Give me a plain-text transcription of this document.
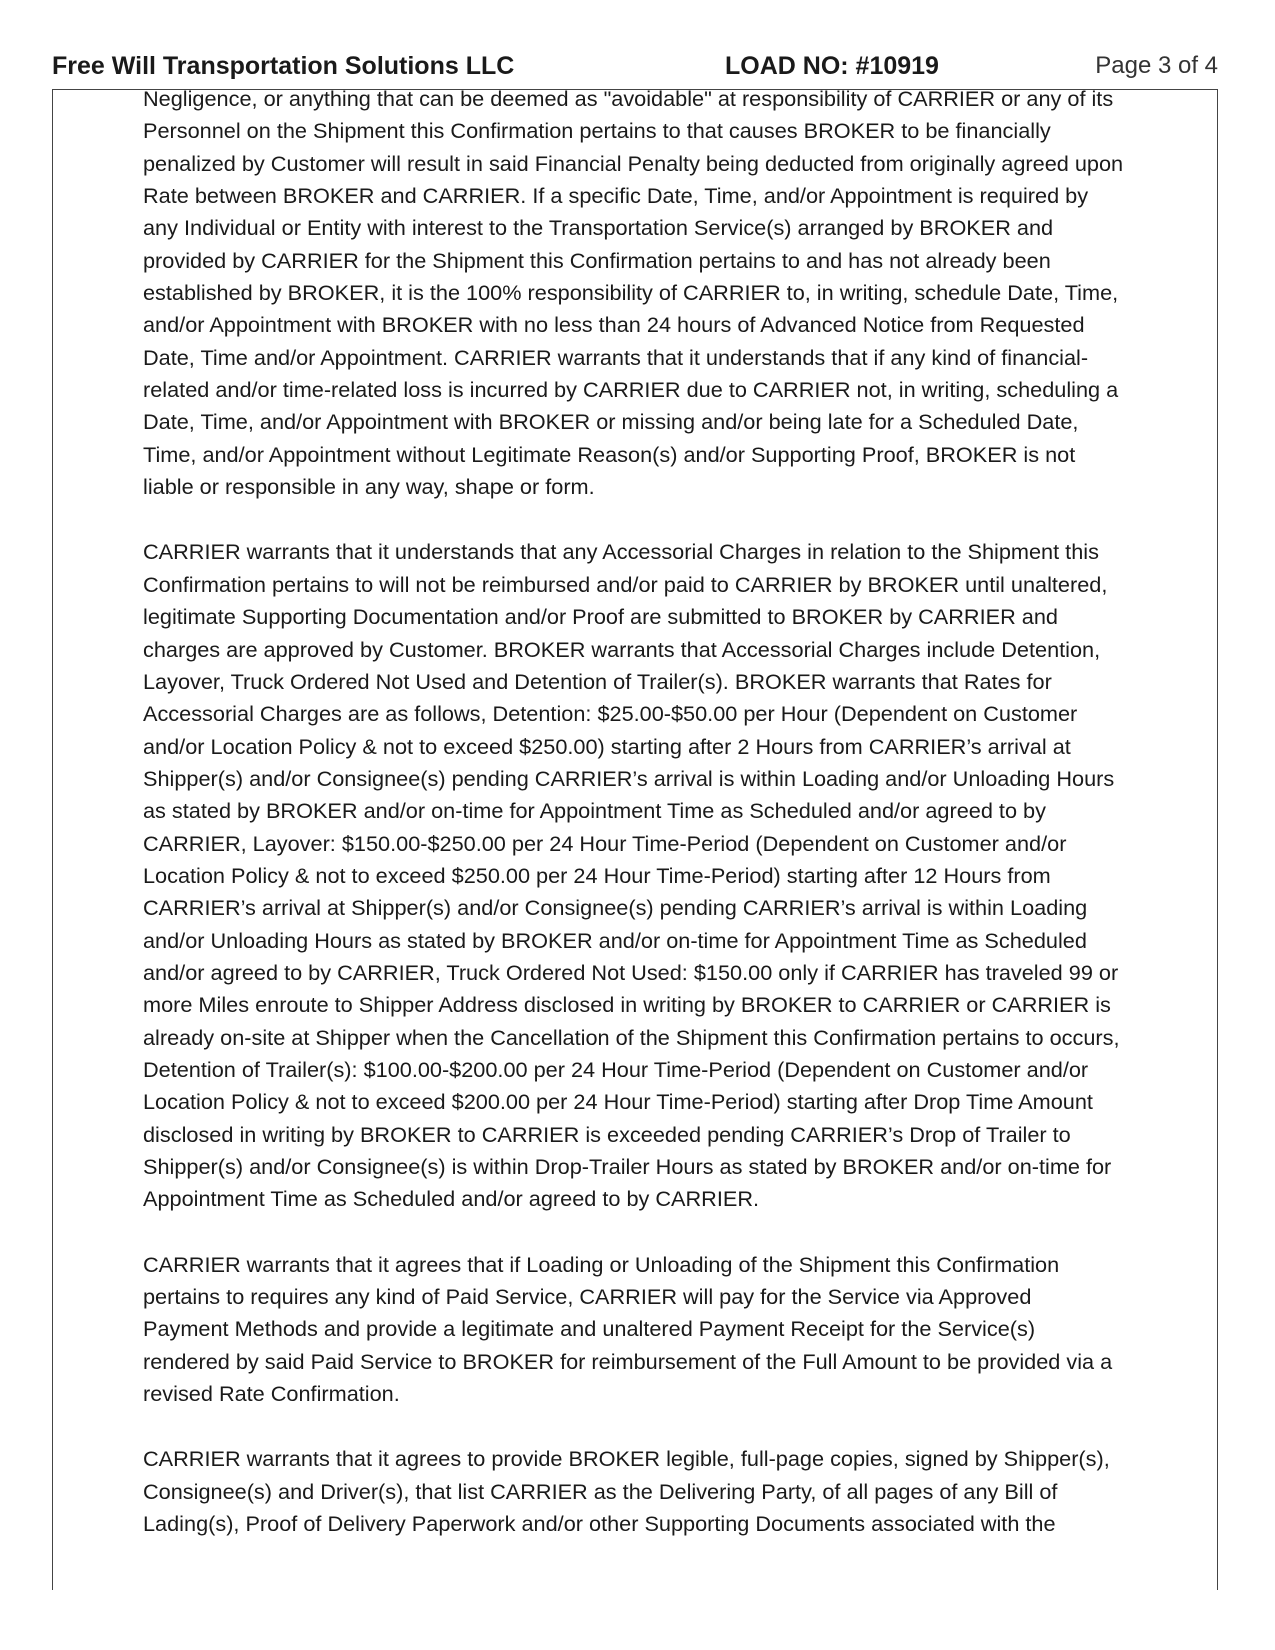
Free Will Transportation Solutions LLC	LOAD NO: #10919	Page 3 of 4

Negligence, or anything that can be deemed as "avoidable" at responsibility of CARRIER or any of its
Personnel on the Shipment this Confirmation pertains to that causes BROKER to be financially
penalized by Customer will result in said Financial Penalty being deducted from originally agreed upon
Rate between BROKER and CARRIER. If a specific Date, Time, and/or Appointment is required by
any Individual or Entity with interest to the Transportation Service(s) arranged by BROKER and
provided by CARRIER for the Shipment this Confirmation pertains to and has not already been
established by BROKER, it is the 100% responsibility of CARRIER to, in writing, schedule Date, Time,
and/or Appointment with BROKER with no less than 24 hours of Advanced Notice from Requested
Date, Time and/or Appointment. CARRIER warrants that it understands that if any kind of financial-
related and/or time-related loss is incurred by CARRIER due to CARRIER not, in writing, scheduling a
Date, Time, and/or Appointment with BROKER or missing and/or being late for a Scheduled Date,
Time, and/or Appointment without Legitimate Reason(s) and/or Supporting Proof, BROKER is not
liable or responsible in any way, shape or form.

CARRIER warrants that it understands that any Accessorial Charges in relation to the Shipment this
Confirmation pertains to will not be reimbursed and/or paid to CARRIER by BROKER until unaltered,
legitimate Supporting Documentation and/or Proof are submitted to BROKER by CARRIER and
charges are approved by Customer. BROKER warrants that Accessorial Charges include Detention,
Layover, Truck Ordered Not Used and Detention of Trailer(s). BROKER warrants that Rates for
Accessorial Charges are as follows, Detention: $25.00-$50.00 per Hour (Dependent on Customer
and/or Location Policy & not to exceed $250.00) starting after 2 Hours from CARRIER’s arrival at
Shipper(s) and/or Consignee(s) pending CARRIER’s arrival is within Loading and/or Unloading Hours
as stated by BROKER and/or on-time for Appointment Time as Scheduled and/or agreed to by
CARRIER, Layover: $150.00-$250.00 per 24 Hour Time-Period (Dependent on Customer and/or
Location Policy & not to exceed $250.00 per 24 Hour Time-Period) starting after 12 Hours from
CARRIER’s arrival at Shipper(s) and/or Consignee(s) pending CARRIER’s arrival is within Loading
and/or Unloading Hours as stated by BROKER and/or on-time for Appointment Time as Scheduled
and/or agreed to by CARRIER, Truck Ordered Not Used: $150.00 only if CARRIER has traveled 99 or
more Miles enroute to Shipper Address disclosed in writing by BROKER to CARRIER or CARRIER is
already on-site at Shipper when the Cancellation of the Shipment this Confirmation pertains to occurs,
Detention of Trailer(s): $100.00-$200.00 per 24 Hour Time-Period (Dependent on Customer and/or
Location Policy & not to exceed $200.00 per 24 Hour Time-Period) starting after Drop Time Amount
disclosed in writing by BROKER to CARRIER is exceeded pending CARRIER’s Drop of Trailer to
Shipper(s) and/or Consignee(s) is within Drop-Trailer Hours as stated by BROKER and/or on-time for
Appointment Time as Scheduled and/or agreed to by CARRIER.

CARRIER warrants that it agrees that if Loading or Unloading of the Shipment this Confirmation
pertains to requires any kind of Paid Service, CARRIER will pay for the Service via Approved
Payment Methods and provide a legitimate and unaltered Payment Receipt for the Service(s)
rendered by said Paid Service to BROKER for reimbursement of the Full Amount to be provided via a
revised Rate Confirmation.

CARRIER warrants that it agrees to provide BROKER legible, full-page copies, signed by Shipper(s),
Consignee(s) and Driver(s), that list CARRIER as the Delivering Party, of all pages of any Bill of
Lading(s), Proof of Delivery Paperwork and/or other Supporting Documents associated with the
